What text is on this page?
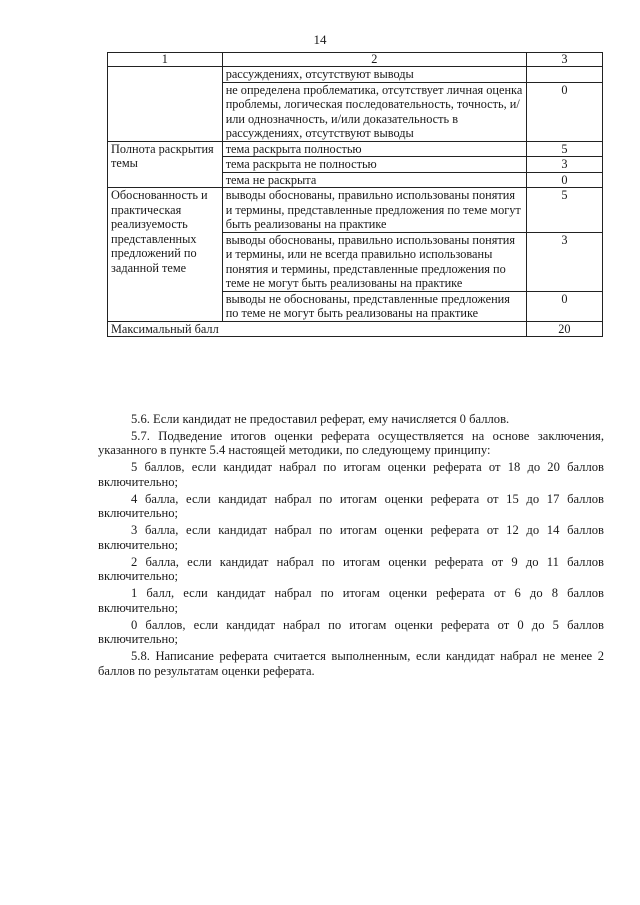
14
1	2	3
	рассуждениях, отсутствуют выводы	
	не определена проблематика, отсутствует личная оценка проблемы, логическая последовательность, точность, и/или однозначность, и/или доказательность в рассуждениях, отсутствуют выводы	0
Полнота раскрытия темы	тема раскрыта полностью	5
	тема раскрыта не полностью	3
	тема не раскрыта	0
Обоснованность и практическая реализуемость представленных предложений по заданной теме	выводы обоснованы, правильно использованы понятия и термины, представленные предложения по теме могут быть реализованы на практике	5
	выводы обоснованы, правильно использованы понятия и термины, или не всегда правильно использованы понятия и термины, представленные предложения по теме не могут быть реализованы на практике	3
	выводы не обоснованы, представленные предложения по теме не могут быть реализованы на практике	0
Максимальный балл		20

5.6. Если кандидат не предоставил реферат, ему начисляется 0 баллов.

5.7. Подведение итогов оценки реферата осуществляется на основе заключения, указанного в пункте 5.4 настоящей методики, по следующему принципу:

5 баллов, если кандидат набрал по итогам оценки реферата от 18 до 20 баллов включительно;

4 балла, если кандидат набрал по итогам оценки реферата от 15 до 17 баллов включительно;

3 балла, если кандидат набрал по итогам оценки реферата от 12 до 14 баллов включительно;

2 балла, если кандидат набрал по итогам оценки реферата от 9 до 11 баллов включительно;

1 балл, если кандидат набрал по итогам оценки реферата от 6 до 8 баллов включительно;

0 баллов, если кандидат набрал по итогам оценки реферата от 0 до 5 баллов включительно;

5.8. Написание реферата считается выполненным, если кандидат набрал не менее 2 баллов по результатам оценки реферата.
